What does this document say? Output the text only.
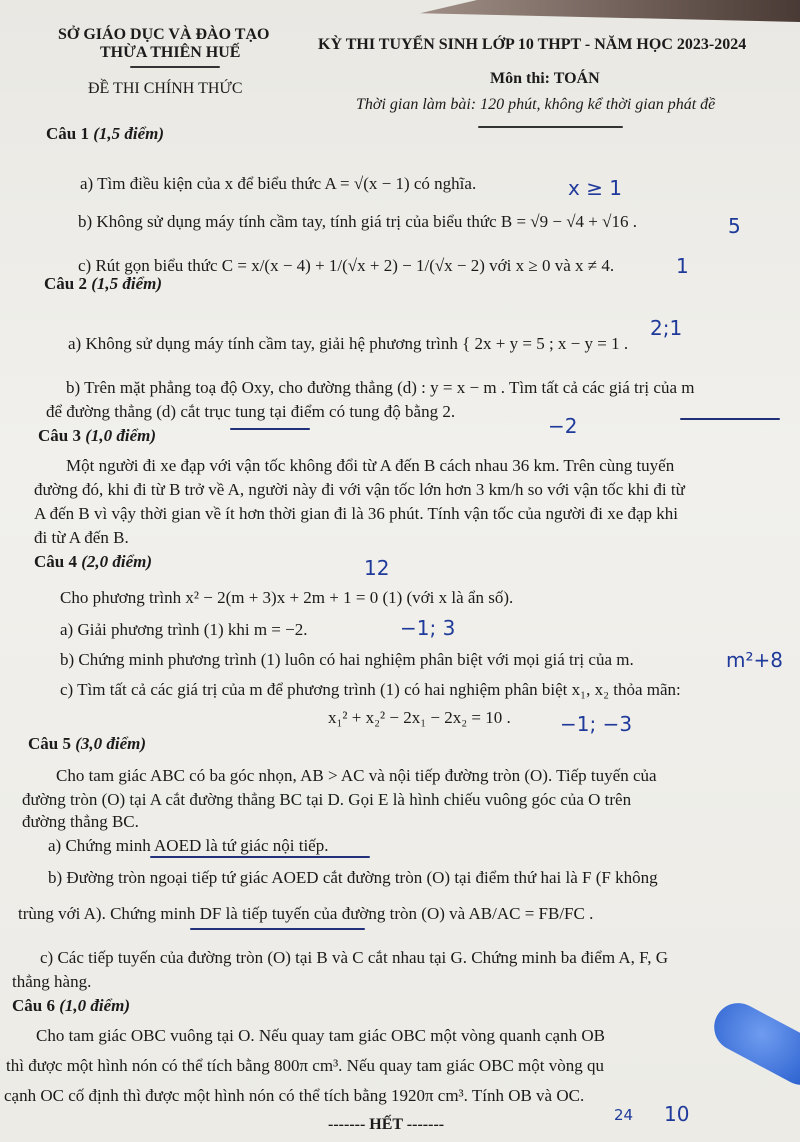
SỞ GIÁO DỤC VÀ ĐÀO TẠO
THỪA THIÊN HUẾ
ĐỀ THI CHÍNH THỨC
KỲ THI TUYỂN SINH LỚP 10 THPT - NĂM HỌC 2023-2024
Môn thi: TOÁN
Thời gian làm bài: 120 phút, không kể thời gian phát đề
Câu 1 (1,5 điểm)
a) Tìm điều kiện của x để biểu thức A = √(x − 1) có nghĩa.
b) Không sử dụng máy tính cầm tay, tính giá trị của biểu thức B = √9 − √4 + √16 .
c) Rút gọn biểu thức C = x/(x − 4) + 1/(√x + 2) − 1/(√x − 2) với x ≥ 0 và x ≠ 4.
Câu 2 (1,5 điểm)
a) Không sử dụng máy tính cầm tay, giải hệ phương trình { 2x + y = 5 ; x − y = 1 .
b) Trên mặt phẳng toạ độ Oxy, cho đường thẳng (d) : y = x − m . Tìm tất cả các giá trị của m
để đường thẳng (d) cắt trục tung tại điểm có tung độ bằng 2.
Câu 3 (1,0 điểm)
Một người đi xe đạp với vận tốc không đổi từ A đến B cách nhau 36 km. Trên cùng tuyến
đường đó, khi đi từ B trở về A, người này đi với vận tốc lớn hơn 3 km/h so với vận tốc khi đi từ
A đến B vì vậy thời gian về ít hơn thời gian đi là 36 phút. Tính vận tốc của người đi xe đạp khi
đi từ A đến B.
Câu 4 (2,0 điểm)
Cho phương trình x² − 2(m + 3)x + 2m + 1 = 0 (1) (với x là ẩn số).
a) Giải phương trình (1) khi m = −2.
b) Chứng minh phương trình (1) luôn có hai nghiệm phân biệt với mọi giá trị của m.
c) Tìm tất cả các giá trị của m để phương trình (1) có hai nghiệm phân biệt x₁, x₂ thỏa mãn:
x₁² + x₂² − 2x₁ − 2x₂ = 10 .
Câu 5 (3,0 điểm)
Cho tam giác ABC có ba góc nhọn, AB > AC và nội tiếp đường tròn (O). Tiếp tuyến của
đường tròn (O) tại A cắt đường thẳng BC tại D. Gọi E là hình chiếu vuông góc của O trên
đường thẳng BC.
a) Chứng minh AOED là tứ giác nội tiếp.
b) Đường tròn ngoại tiếp tứ giác AOED cắt đường tròn (O) tại điểm thứ hai là F (F không
trùng với A). Chứng minh DF là tiếp tuyến của đường tròn (O) và AB/AC = FB/FC .
c) Các tiếp tuyến của đường tròn (O) tại B và C cắt nhau tại G. Chứng minh ba điểm A, F, G
thẳng hàng.
Câu 6 (1,0 điểm)
Cho tam giác OBC vuông tại O. Nếu quay tam giác OBC một vòng quanh cạnh OB
thì được một hình nón có thể tích bằng 800π cm³. Nếu quay tam giác OBC một vòng qu
cạnh OC cố định thì được một hình nón có thể tích bằng 1920π cm³. Tính OB và OC.
------- HẾT -------
x ≥ 1
5
1
2;1
−2
12
−1; 3
m²+8
−1; −3
24 10
